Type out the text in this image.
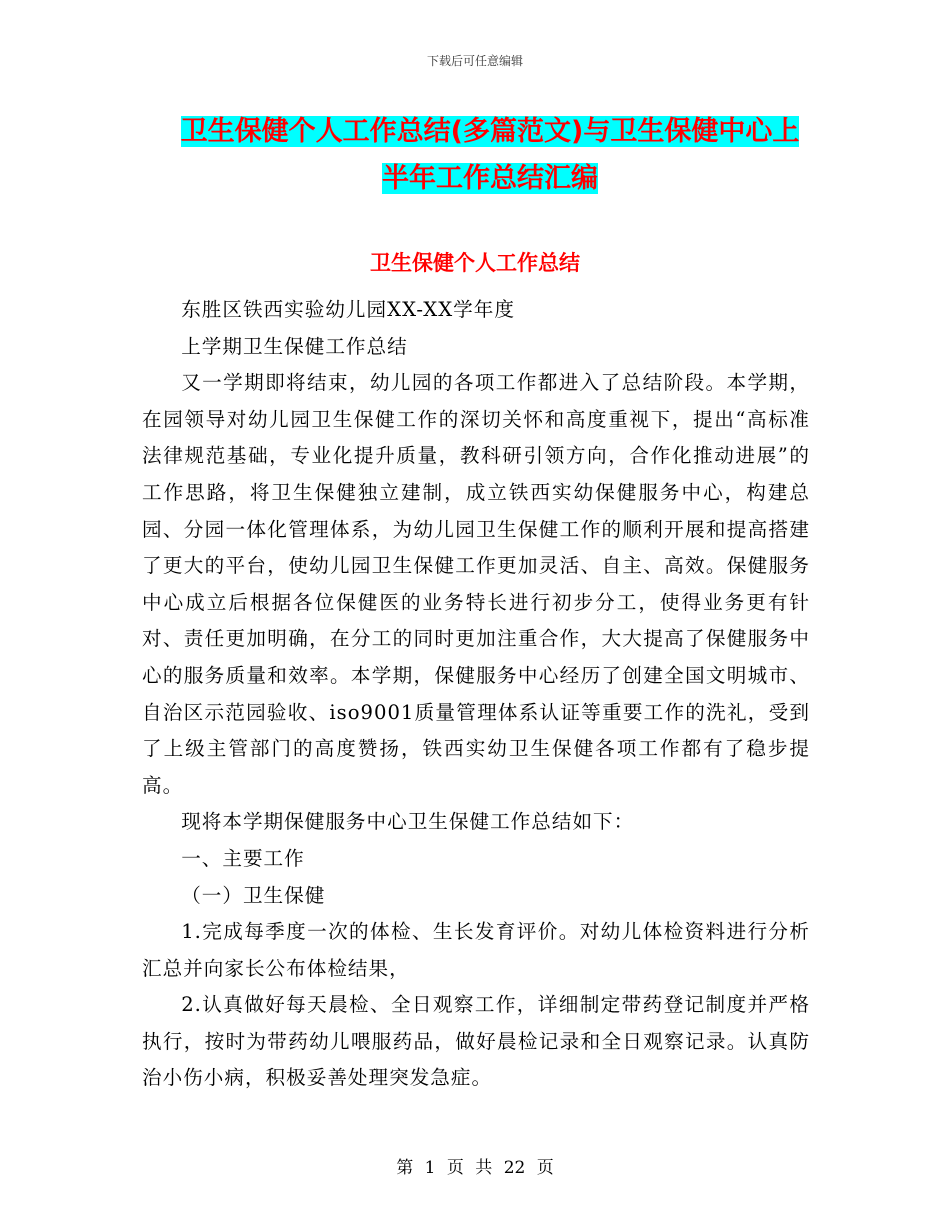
下载后可任意编辑
卫生保健个人工作总结(多篇范文)与卫生保健中心上
半年工作总结汇编
卫生保健个人工作总结

东胜区铁西实验幼儿园XX-XX学年度

上学期卫生保健工作总结

又一学期即将结束，幼儿园的各项工作都进入了总结阶段。本学期，在园领导对幼儿园卫生保健工作的深切关怀和高度重视下，提出“高标准法律规范基础，专业化提升质量，教科研引领方向，合作化推动进展”的工作思路，将卫生保健独立建制，成立铁西实幼保健服务中心，构建总园、分园一体化管理体系，为幼儿园卫生保健工作的顺利开展和提高搭建了更大的平台，使幼儿园卫生保健工作更加灵活、自主、高效。保健服务中心成立后根据各位保健医的业务特长进行初步分工，使得业务更有针对、责任更加明确，在分工的同时更加注重合作，大大提高了保健服务中心的服务质量和效率。本学期，保健服务中心经历了创建全国文明城市、自治区示范园验收、iso9001质量管理体系认证等重要工作的洗礼，受到了上级主管部门的高度赞扬，铁西实幼卫生保健各项工作都有了稳步提高。

现将本学期保健服务中心卫生保健工作总结如下：

一、主要工作

（一）卫生保健

1.完成每季度一次的体检、生长发育评价。对幼儿体检资料进行分析汇总并向家长公布体检结果，

2.认真做好每天晨检、全日观察工作，详细制定带药登记制度并严格执行，按时为带药幼儿喂服药品，做好晨检记录和全日观察记录。认真防治小伤小病，积极妥善处理突发急症。

第 1 页 共 22 页
